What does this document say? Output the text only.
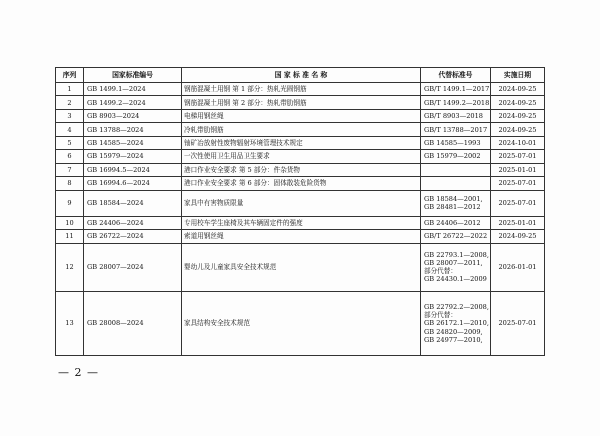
序列	国家标准编号	国 家 标 准 名 称	代替标准号	实施日期
1	GB 1499.1—2024	钢筋混凝土用钢 第 1 部分：热轧光圆钢筋	GB/T 1499.1—2017	2024-09-25
2	GB 1499.2—2024	钢筋混凝土用钢 第 2 部分：热轧带肋钢筋	GB/T 1499.2—2018	2024-09-25
3	GB 8903—2024	电梯用钢丝绳	GB/T 8903—2018	2024-09-25
4	GB 13788—2024	冷轧带肋钢筋	GB/T 13788—2017	2024-09-25
5	GB 14585—2024	铀矿冶放射性废物辐射环境管理技术规定	GB 14585—1993	2024-10-01
6	GB 15979—2024	一次性使用卫生用品卫生要求	GB 15979—2002	2025-07-01
7	GB 16994.5—2024	港口作业安全要求 第 5 部分：件杂货物		2025-01-01
8	GB 16994.6—2024	港口作业安全要求 第 6 部分：固体散装危险货物		2025-07-01
9	GB 18584—2024	家具中有害物质限量	GB 18584—2001,
GB 28481—2012	2025-07-01
10	GB 24406—2024	专用校车学生座椅及其车辆固定件的强度	GB 24406—2012	2025-01-01
11	GB 26722—2024	索道用钢丝绳	GB/T 26722—2022	2024-09-25
12	GB 28007—2024	婴幼儿及儿童家具安全技术规范	GB 22793.1—2008,
GB 28007—2011,
部分代替：
GB 24430.1—2009	2026-01-01
13	GB 28008—2024	家具结构安全技术规范	GB 22792.2—2008,
部分代替：
GB 26172.1—2010,
GB 24820—2009,
GB 24977—2010,	2025-07-01
— 2 —
